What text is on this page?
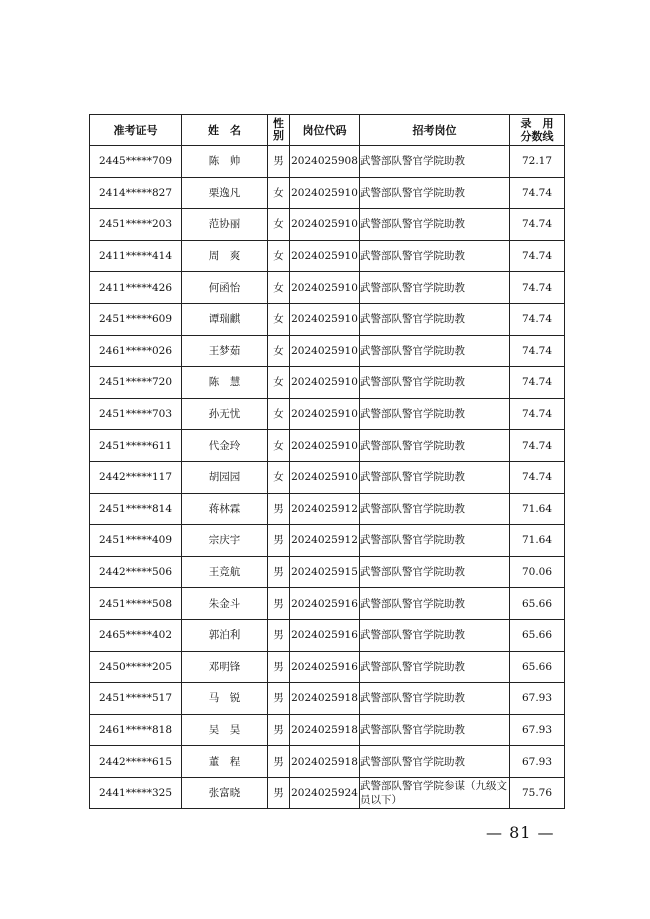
准考证号	姓　名	性别	岗位代码	招考岗位	录　用 分数线

2445*****709	陈　帅	男	2024025908	武警部队警官学院助教	72.17
2414*****827	栗逸凡	女	2024025910	武警部队警官学院助教	74.74
2451*****203	范协丽	女	2024025910	武警部队警官学院助教	74.74
2411*****414	周　爽	女	2024025910	武警部队警官学院助教	74.74
2411*****426	何函怡	女	2024025910	武警部队警官学院助教	74.74
2451*****609	谭瑞麒	女	2024025910	武警部队警官学院助教	74.74
2461*****026	王梦茹	女	2024025910	武警部队警官学院助教	74.74
2451*****720	陈　慧	女	2024025910	武警部队警官学院助教	74.74
2451*****703	孙无忧	女	2024025910	武警部队警官学院助教	74.74
2451*****611	代金玲	女	2024025910	武警部队警官学院助教	74.74
2442*****117	胡园园	女	2024025910	武警部队警官学院助教	74.74
2451*****814	蒋林霖	男	2024025912	武警部队警官学院助教	71.64
2451*****409	宗庆宇	男	2024025912	武警部队警官学院助教	71.64
2442*****506	王竞航	男	2024025915	武警部队警官学院助教	70.06
2451*****508	朱金斗	男	2024025916	武警部队警官学院助教	65.66
2465*****402	郭泊利	男	2024025916	武警部队警官学院助教	65.66
2450*****205	邓明锋	男	2024025916	武警部队警官学院助教	65.66
2451*****517	马　锐	男	2024025918	武警部队警官学院助教	67.93
2461*****818	吴　昊	男	2024025918	武警部队警官学院助教	67.93
2442*****615	董　程	男	2024025918	武警部队警官学院助教	67.93
2441*****325	张富晓	男	2024025924	武警部队警官学院参谋（九级文员以下）	75.76
— 81 —
